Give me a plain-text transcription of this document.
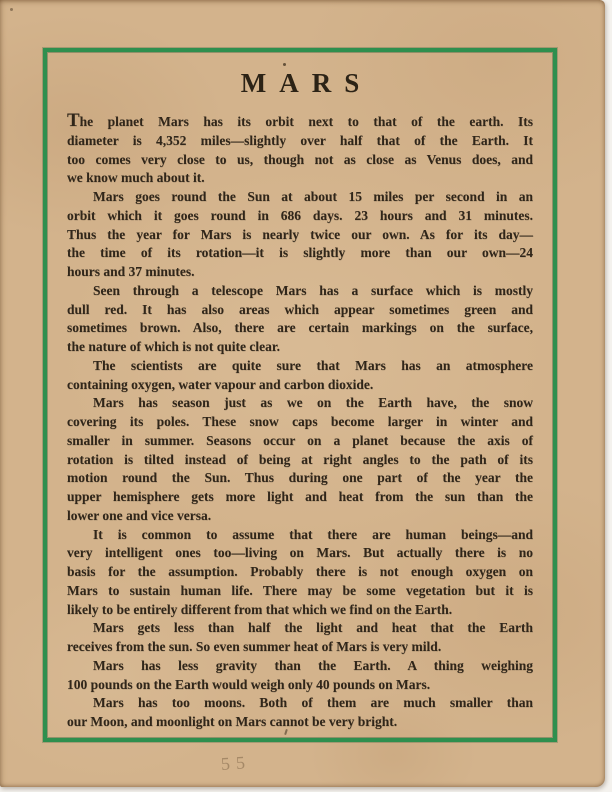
MARS
The planet Mars has its orbit next to that of the earth. Its
diameter is 4,352 miles—slightly over half that of the Earth. It
too comes very close to us, though not as close as Venus does, and
we know much about it.
Mars goes round the Sun at about 15 miles per second in an
orbit which it goes round in 686 days. 23 hours and 31 minutes.
Thus the year for Mars is nearly twice our own. As for its day—
the time of its rotation—it is slightly more than our own—24
hours and 37 minutes.
Seen through a telescope Mars has a surface which is mostly
dull red. It has also areas which appear sometimes green and
sometimes brown. Also, there are certain markings on the surface,
the nature of which is not quite clear.
The scientists are quite sure that Mars has an atmosphere
containing oxygen, water vapour and carbon dioxide.
Mars has season just as we on the Earth have, the snow
covering its poles. These snow caps become larger in winter and
smaller in summer. Seasons occur on a planet because the axis of
rotation is tilted instead of being at right angles to the path of its
motion round the Sun. Thus during one part of the year the
upper hemisphere gets more light and heat from the sun than the
lower one and vice versa.
It is common to assume that there are human beings—and
very intelligent ones too—living on Mars. But actually there is no
basis for the assumption. Probably there is not enough oxygen on
Mars to sustain human life. There may be some vegetation but it is
likely to be entirely different from that which we find on the Earth.
Mars gets less than half the light and heat that the Earth
receives from the sun. So even summer heat of Mars is very mild.
Mars has less gravity than the Earth. A thing weighing
100 pounds on the Earth would weigh only 40 pounds on Mars.
Mars has too moons. Both of them are much smaller than
our Moon, and moonlight on Mars cannot be very bright.
55
